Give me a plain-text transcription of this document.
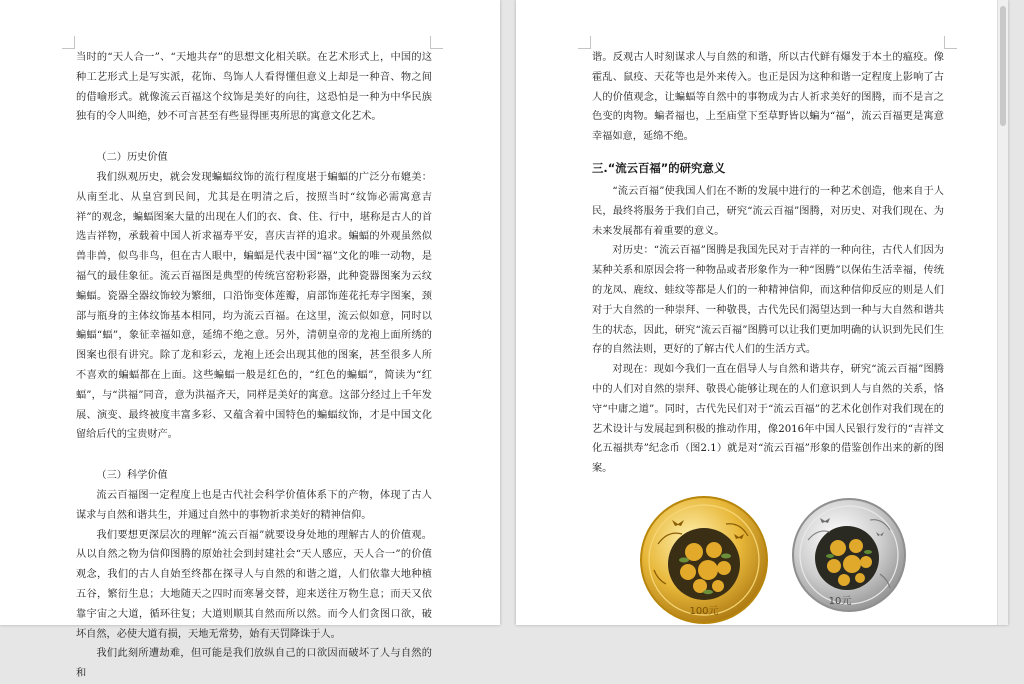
当时的“天人合一”、“天地共存”的思想文化相关联。在艺术形式上，中国的这种工艺形式上是写实派，花饰、鸟饰人人看得懂但意义上却是一种音、物之间的借喻形式。就像流云百福这个纹饰是美好的向往，这恐怕是一种为中华民族独有的令人叫绝，妙不可言甚至有些显得匪夷所思的寓意文化艺术。

（二）历史价值

我们纵观历史，就会发现蝙蝠纹饰的流行程度堪于蝙蝠的广泛分布媲美：从南至北、从皇宫到民间，尤其是在明清之后，按照当时“纹饰必需寓意吉祥”的观念，蝙蝠图案大量的出现在人们的衣、食、住、行中，堪称是古人的首选吉祥物，承载着中国人祈求福寿平安，喜庆吉祥的追求。蝙蝠的外观虽然似兽非兽，似鸟非鸟，但在古人眼中，蝙蝠是代表中国“福”文化的唯一动物，是福气的最佳象征。流云百福图是典型的传统宫窑粉彩器，此种瓷器图案为云纹蝙蝠。瓷器全器纹饰较为繁细，口沿饰变体莲瓣，肩部饰莲花托寿字图案，颈部与瓶身的主体纹饰基本相同，均为流云百福。在这里，流云似如意，同时以蝙蝠“蝠”，象征幸福如意，延绵不绝之意。另外，清朝皇帝的龙袍上面所绣的图案也很有讲究。除了龙和彩云，龙袍上还会出现其他的图案，甚至很多人所不喜欢的蝙蝠都在上面。这些蝙蝠一般是红色的，“红色的蝙蝠”，简读为“红蝠”，与“洪福”同音，意为洪福齐天，同样是美好的寓意。这部分经过上千年发展、演变、最终被度丰富多彩、又蕴含着中国特色的蝙蝠纹饰，才是中国文化留给后代的宝贵财产。

（三）科学价值

流云百福图一定程度上也是古代社会科学价值体系下的产物，体现了古人谋求与自然和谐共生，并通过自然中的事物祈求美好的精神信仰。

我们要想更深层次的理解“流云百福”就要设身处地的理解古人的价值观。从以自然之物为信仰图腾的原始社会到封建社会“天人感应，天人合一”的价值观念，我们的古人自始至终都在探寻人与自然的和谐之道，人们依靠大地种植五谷，繁衍生息；大地随天之四时而寒暑交替，迎来送往万物生息；而天又依靠宇宙之大道，循环往复；大道则顺其自然而所以然。而今人们贪图口欲，破坏自然，必使大道有损，天地无常势，始有天罚降诛于人。

我们此刻所遭劫难，但可能是我们放纵自己的口欲因而破坏了人与自然的和

谐。反观古人时刻谋求人与自然的和谐，所以古代鲜有爆发于本土的瘟疫。像霍乱、鼠疫、天花等也是外来传入。也正是因为这种和谐一定程度上影响了古人的价值观念，让蝙蝠等自然中的事物成为古人祈求美好的图腾，而不是言之色变的肉物。蝙者福也，上至庙堂下至草野皆以蝙为“福”，流云百福更是寓意幸福如意，延绵不绝。

三.“流云百福”的研究意义

“流云百福”使我国人们在不断的发展中进行的一种艺术创造，他来自于人民，最终将服务于我们自己，研究“流云百福”图腾，对历史、对我们现在、为未来发展都有着重要的意义。

对历史：“流云百福”图腾是我国先民对于吉祥的一种向往，古代人们因为某种关系和原因会将一种物品或者形象作为一种“图腾”以保佑生活幸福，传统的龙凤、鹿纹、蛙纹等都是人们的一种精神信仰，而这种信仰反应的则是人们对于大自然的一种崇拜、一种敬畏，古代先民们渴望达到一种与大自然和谐共生的状态，因此，研究“流云百福”图腾可以让我们更加明确的认识到先民们生存的自然法则，更好的了解古代人们的生活方式。

对现在：现如今我们一直在倡导人与自然和谐共存，研究“流云百福”图腾中的人们对自然的崇拜、敬畏心能够让现在的人们意识到人与自然的关系，恪守“中庸之道”。同时，古代先民们对于“流云百福”的艺术化创作对我们现在的艺术设计与发展起到积极的推动作用，像2016年中国人民银行发行的“吉祥文化五福拱寿”纪念币（图2.1）就是对“流云百福”形象的借鉴创作出来的新的图案。

100元
10元
